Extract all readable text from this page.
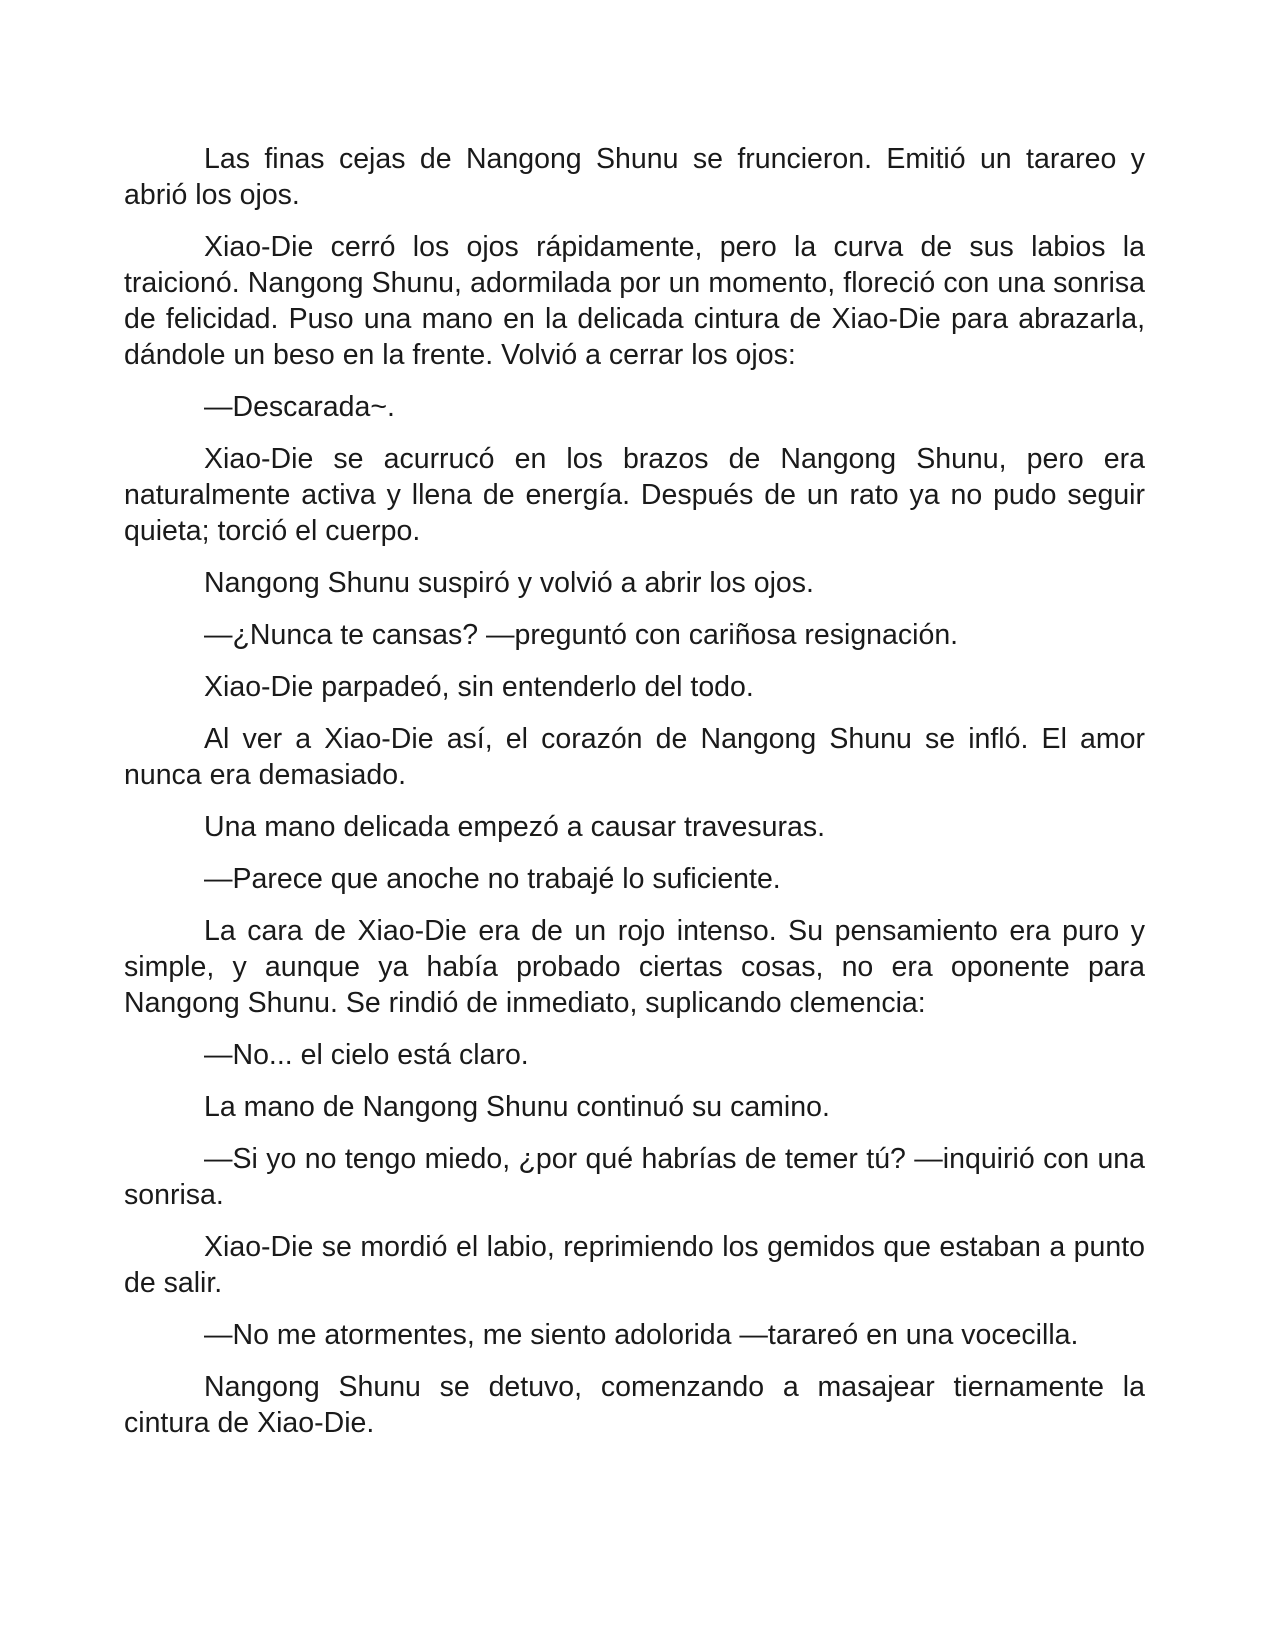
Las finas cejas de Nangong Shunu se fruncieron. Emitió un tarareo y abrió los ojos.

Xiao-Die cerró los ojos rápidamente, pero la curva de sus labios la traicionó. Nangong Shunu, adormilada por un momento, floreció con una sonrisa de felicidad. Puso una mano en la delicada cintura de Xiao-Die para abrazarla, dándole un beso en la frente. Volvió a cerrar los ojos:

—Descarada~.

Xiao-Die se acurrucó en los brazos de Nangong Shunu, pero era naturalmente activa y llena de energía. Después de un rato ya no pudo seguir quieta; torció el cuerpo.

Nangong Shunu suspiró y volvió a abrir los ojos.

—¿Nunca te cansas? —preguntó con cariñosa resignación.

Xiao-Die parpadeó, sin entenderlo del todo.

Al ver a Xiao-Die así, el corazón de Nangong Shunu se infló. El amor nunca era demasiado.

Una mano delicada empezó a causar travesuras.

—Parece que anoche no trabajé lo suficiente.

La cara de Xiao-Die era de un rojo intenso. Su pensamiento era puro y simple, y aunque ya había probado ciertas cosas, no era oponente para Nangong Shunu. Se rindió de inmediato, suplicando clemencia:

—No... el cielo está claro.

La mano de Nangong Shunu continuó su camino.

—Si yo no tengo miedo, ¿por qué habrías de temer tú? —inquirió con una sonrisa.

Xiao-Die se mordió el labio, reprimiendo los gemidos que estaban a punto de salir.

—No me atormentes, me siento adolorida —tarareó en una vocecilla.

Nangong Shunu se detuvo, comenzando a masajear tiernamente la cintura de Xiao-Die.
